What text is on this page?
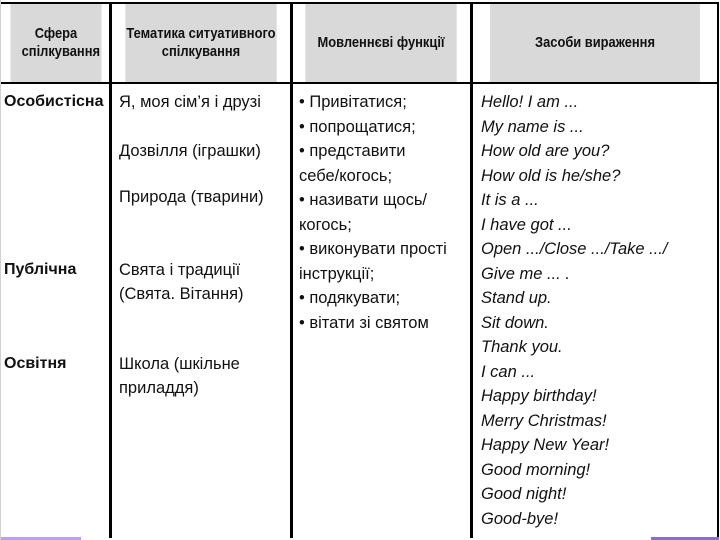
Сфера спілкування
Тематика ситуативного спілкування
Мовленнєві функції	Засоби вираження
Особистісна
Публічна
Освітня
Я, моя сім’я і друзі
Дозвілля (іграшки)
Природа (тварини)
Свята і традиції
(Свята. Вітання)
Школа (шкільне
приладдя)
• Привітатися;
• попрощатися;
• представити
себе/когось;
• називати щось/
когось;
• виконувати прості
інструкції;
• подякувати;
• вітати зі святом
Hello! I am ...
My name is ...
How old are you?
How old is he/she?
It is a ...
I have got ...
Open .../Close .../Take .../
Give me ... .
Stand up.
Sit down.
Thank you.
I can ...
Happy birthday!
Merry Christmas!
Happy New Year!
Good morning!
Good night!
Good-bye!
